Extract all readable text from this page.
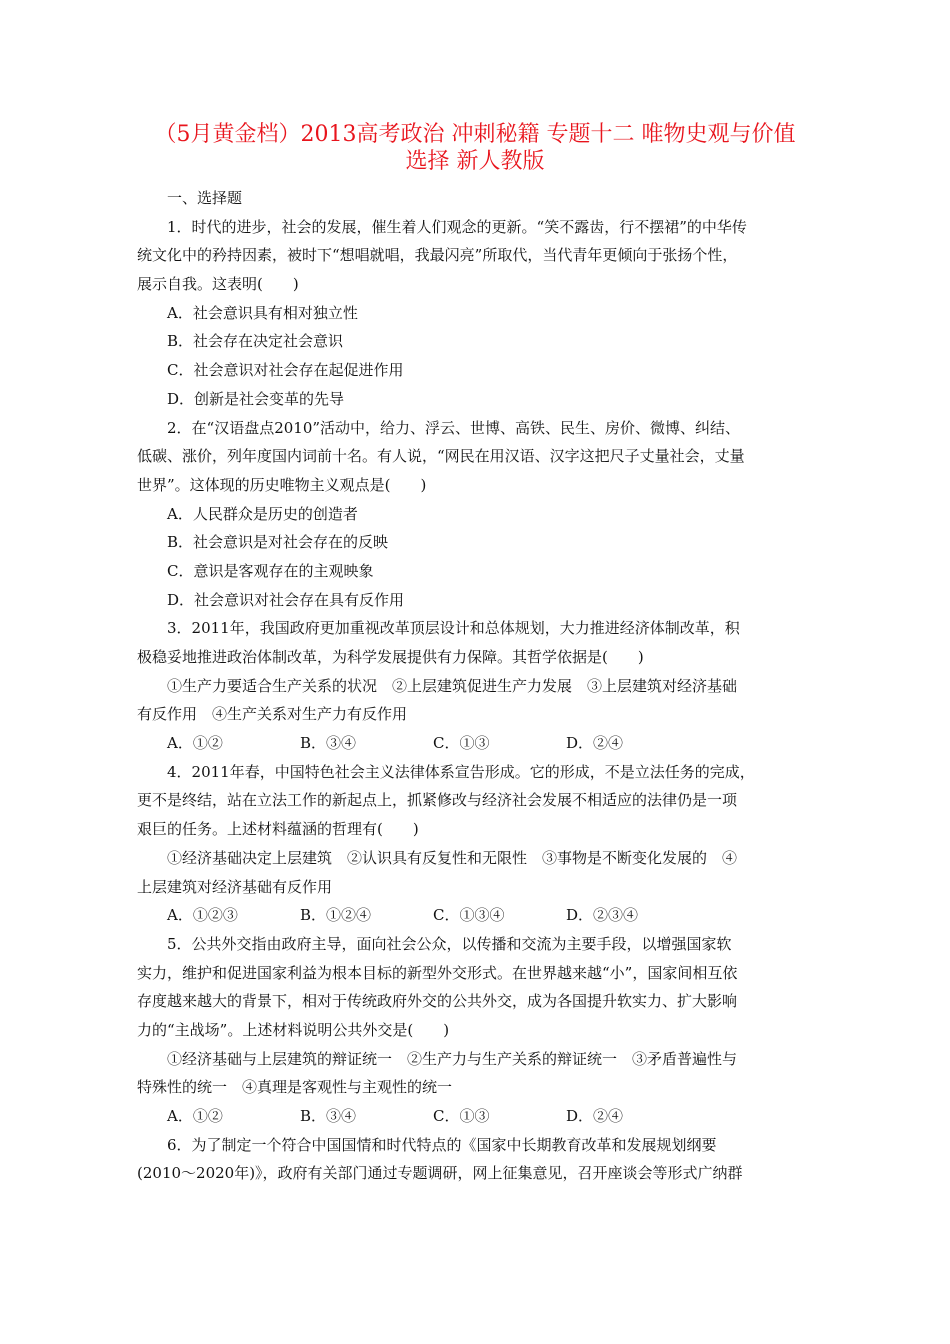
（5月黄金档）2013高考政治 冲刺秘籍 专题十二 唯物史观与价值
选择 新人教版
一、选择题
1．时代的进步，社会的发展，催生着人们观念的更新。“笑不露齿，行不摆裙”的中华传
统文化中的矜持因素，被时下“想唱就唱，我最闪亮”所取代，当代青年更倾向于张扬个性，
展示自我。这表明(　　)
A．社会意识具有相对独立性
B．社会存在决定社会意识
C．社会意识对社会存在起促进作用
D．创新是社会变革的先导
2．在“汉语盘点2010”活动中，给力、浮云、世博、高铁、民生、房价、微博、纠结、
低碳、涨价，列年度国内词前十名。有人说，“网民在用汉语、汉字这把尺子丈量社会，丈量
世界”。这体现的历史唯物主义观点是(　　)
A．人民群众是历史的创造者
B．社会意识是对社会存在的反映
C．意识是客观存在的主观映象
D．社会意识对社会存在具有反作用
3．2011年，我国政府更加重视改革顶层设计和总体规划，大力推进经济体制改革，积
极稳妥地推进政治体制改革，为科学发展提供有力保障。其哲学依据是(　　)
①生产力要适合生产关系的状况　②上层建筑促进生产力发展　③上层建筑对经济基础
有反作用　④生产关系对生产力有反作用
A．①②	B．③④	C．①③	D．②④
4．2011年春，中国特色社会主义法律体系宣告形成。它的形成，不是立法任务的完成，
更不是终结，站在立法工作的新起点上，抓紧修改与经济社会发展不相适应的法律仍是一项
艰巨的任务。上述材料蕴涵的哲理有(　　)
①经济基础决定上层建筑　②认识具有反复性和无限性　③事物是不断变化发展的　④
上层建筑对经济基础有反作用
A．①②③	B．①②④	C．①③④	D．②③④
5．公共外交指由政府主导，面向社会公众，以传播和交流为主要手段，以增强国家软
实力，维护和促进国家利益为根本目标的新型外交形式。在世界越来越“小”，国家间相互依
存度越来越大的背景下，相对于传统政府外交的公共外交，成为各国提升软实力、扩大影响
力的“主战场”。上述材料说明公共外交是(　　)
①经济基础与上层建筑的辩证统一　②生产力与生产关系的辩证统一　③矛盾普遍性与
特殊性的统一　④真理是客观性与主观性的统一
A．①②	B．③④	C．①③	D．②④
6．为了制定一个符合中国国情和时代特点的《国家中长期教育改革和发展规划纲要
(2010～2020年)》，政府有关部门通过专题调研，网上征集意见，召开座谈会等形式广纳群
